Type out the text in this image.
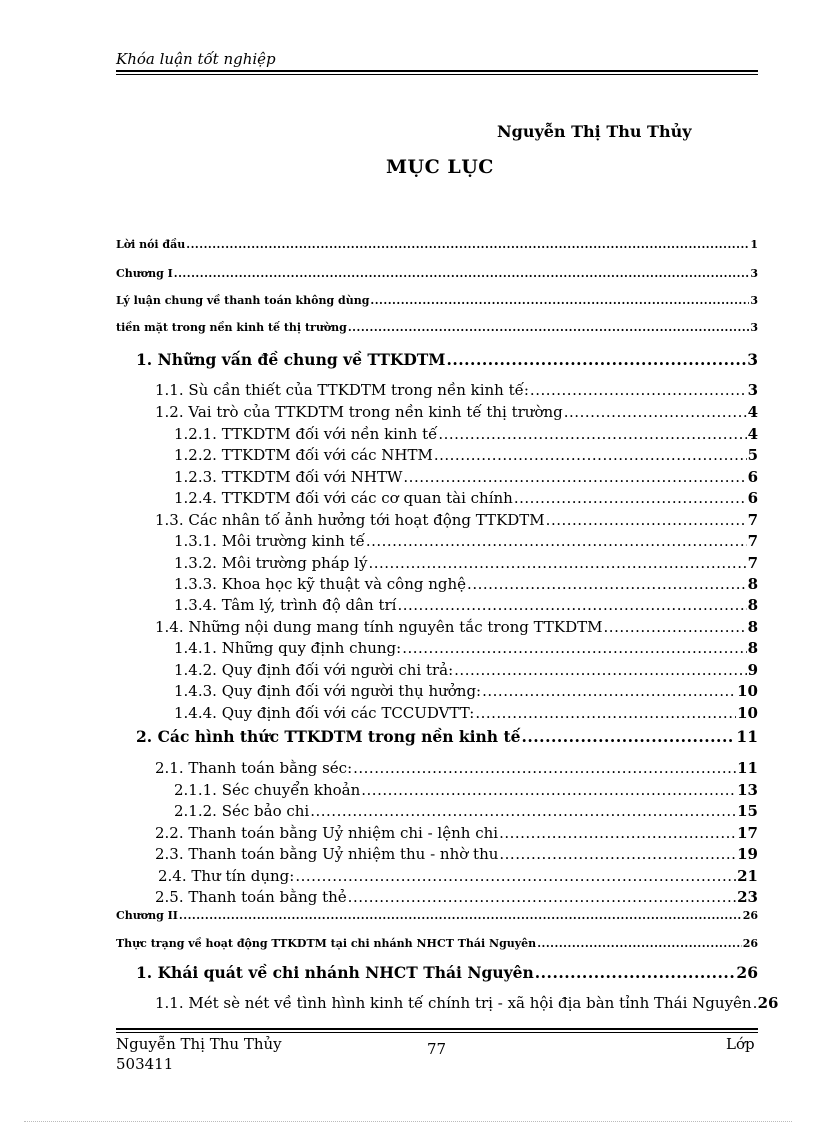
Khóa luận tốt nghiệp
Nguyễn Thị Thu Thủy
MỤC LỤC
Lời nói đầu .....	1
Chương I .....	3
Lý luận chung về thanh toán không dùng .....	3
tiền mặt trong nền kinh tế thị trường .....	3
1. Những vấn đề chung về TTKDTM .....	3
1.1. Sù cần thiết của TTKDTM trong nền kinh tế: .....	3
1.2. Vai trò của TTKDTM trong nền kinh tế thị trường .....	4
1.2.1. TTKDTM đối với nền kinh tế .....	4
1.2.2. TTKDTM đối với các NHTM .....	5
1.2.3. TTKDTM đối với NHTW .....	6
1.2.4. TTKDTM đối với các cơ quan tài chính .....	6
1.3. Các nhân tố ảnh hưởng tới hoạt động TTKDTM .....	7
1.3.1. Môi trường kinh tế .....	7
1.3.2. Môi trường pháp lý .....	7
1.3.3. Khoa học kỹ thuật và công nghệ .....	8
1.3.4. Tâm lý, trình độ dân trí .....	8
1.4. Những nội dung mang tính nguyên tắc trong TTKDTM .....	8
1.4.1. Những quy định chung: .....	8
1.4.2. Quy định đối với người chi trả: .....	9
1.4.3. Quy định đối với người thụ hưởng: .....	10
1.4.4. Quy định đối với các TCCUDVTT: .....	10
2. Các hình thức TTKDTM trong nền kinh tế .....	11
2.1. Thanh toán bằng séc: .....	11
2.1.1. Séc chuyển khoản .....	13
2.1.2. Séc bảo chi .....	15
2.2. Thanh toán bằng Uỷ nhiệm chi - lệnh chi .....	17
2.3. Thanh toán bằng Uỷ nhiệm thu - nhờ thu .....	19
2.4. Thư tín dụng: .....	21
2.5. Thanh toán bằng thẻ .....	23
Chương II .....	26
Thực trạng về hoạt động TTKDTM tại chi nhánh NHCT Thái Nguyên .....	26
1. Khái quát về chi nhánh NHCT Thái Nguyên .....	26
1.1. Mét sè nét về tình hình kinh tế chính trị - xã hội địa bàn tỉnh Thái Nguyên ..... 26
Nguyễn Thị Thu Thủy
503411
77	Lớp
